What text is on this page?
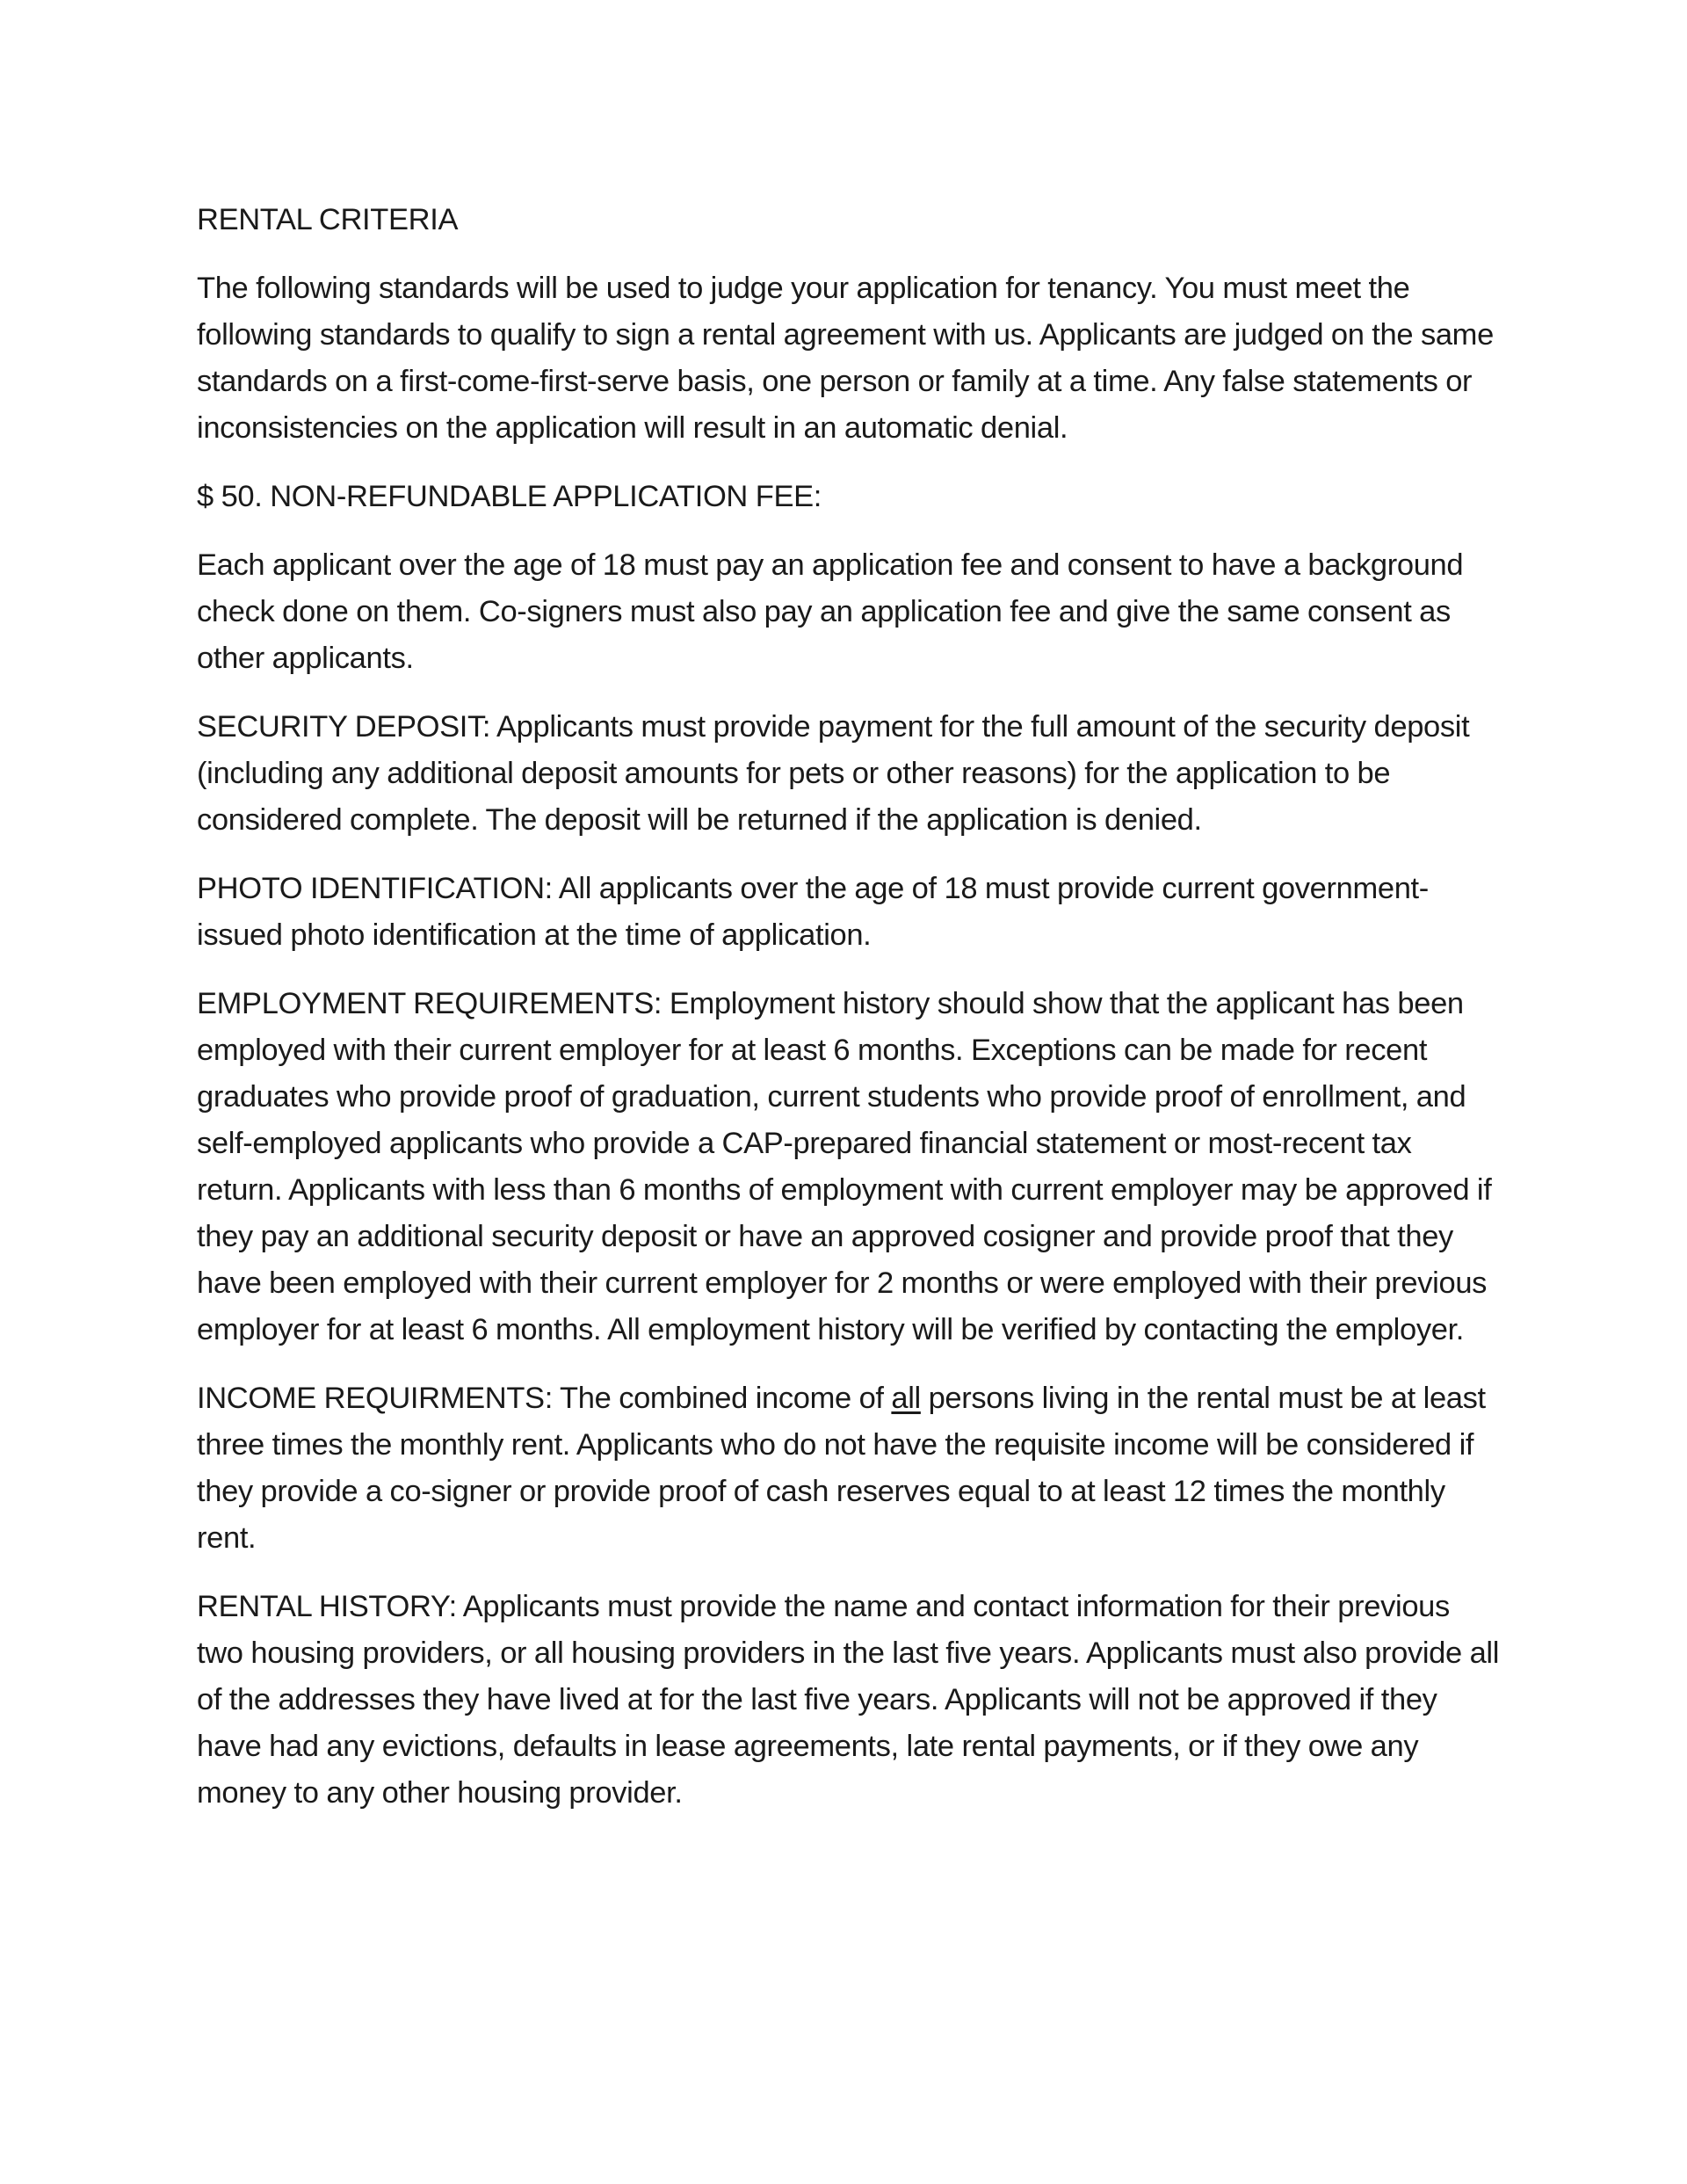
RENTAL CRITERIA

The following standards will be used to judge your application for tenancy. You must meet the following standards to qualify to sign a rental agreement with us. Applicants are judged on the same standards on a first-come-first-serve basis, one person or family at a time. Any false statements or inconsistencies on the application will result in an automatic denial.

$ 50. NON-REFUNDABLE APPLICATION FEE:

Each applicant over the age of 18 must pay an application fee and consent to have a background check done on them. Co-signers must also pay an application fee and give the same consent as other applicants.

SECURITY DEPOSIT: Applicants must provide payment for the full amount of the security deposit (including any additional deposit amounts for pets or other reasons) for the application to be considered complete. The deposit will be returned if the application is denied.

PHOTO IDENTIFICATION: All applicants over the age of 18 must provide current government-issued photo identification at the time of application.

EMPLOYMENT REQUIREMENTS: Employment history should show that the applicant has been employed with their current employer for at least 6 months. Exceptions can be made for recent graduates who provide proof of graduation, current students who provide proof of enrollment, and self-employed applicants who provide a CAP-prepared financial statement or most-recent tax return. Applicants with less than 6 months of employment with current employer may be approved if they pay an additional security deposit or have an approved cosigner and provide proof that they have been employed with their current employer for 2 months or were employed with their previous employer for at least 6 months. All employment history will be verified by contacting the employer.

INCOME REQUIRMENTS: The combined income of all persons living in the rental must be at least three times the monthly rent. Applicants who do not have the requisite income will be considered if they provide a co-signer or provide proof of cash reserves equal to at least 12 times the monthly rent.

RENTAL HISTORY: Applicants must provide the name and contact information for their previous two housing providers, or all housing providers in the last five years. Applicants must also provide all of the addresses they have lived at for the last five years. Applicants will not be approved if they have had any evictions, defaults in lease agreements, late rental payments, or if they owe any money to any other housing provider.
